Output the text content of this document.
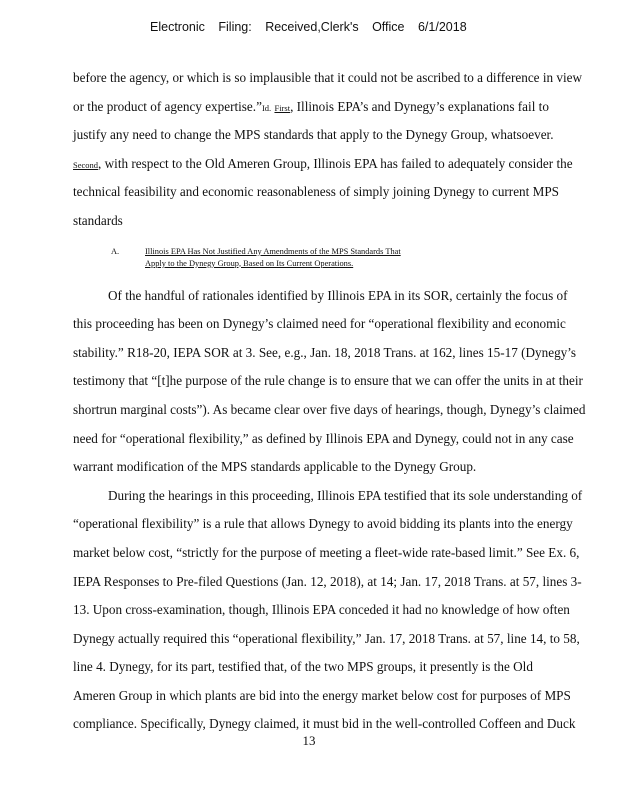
Electronic Filing: Received,Clerk's Office 6/1/2018
before the agency, or which is so implausible that it could not be ascribed to a difference in view
or the product of agency expertise.”Id. First, Illinois EPA’s and Dynegy’s explanations fail to
justify any need to change the MPS standards that apply to the Dynegy Group, whatsoever.
Second, with respect to the Old Ameren Group, Illinois EPA has failed to adequately consider the
technical feasibility and economic reasonableness of simply joining Dynegy to current MPS
standards
A.	Illinois EPA Has Not Justified Any Amendments of the MPS Standards That
Apply to the Dynegy Group, Based on Its Current Operations.
Of the handful of rationales identified by Illinois EPA in its SOR, certainly the focus of
this proceeding has been on Dynegy’s claimed need for “operational flexibility and economic
stability.” R18-20, IEPA SOR at 3. See, e.g., Jan. 18, 2018 Trans. at 162, lines 15-17 (Dynegy’s
testimony that “[t]he purpose of the rule change is to ensure that we can offer the units in at their
shortrun marginal costs”). As became clear over five days of hearings, though, Dynegy’s claimed
need for “operational flexibility,” as defined by Illinois EPA and Dynegy, could not in any case
warrant modification of the MPS standards applicable to the Dynegy Group.
During the hearings in this proceeding, Illinois EPA testified that its sole understanding of
“operational flexibility” is a rule that allows Dynegy to avoid bidding its plants into the energy
market below cost, “strictly for the purpose of meeting a fleet-wide rate-based limit.” See Ex. 6,
IEPA Responses to Pre-filed Questions (Jan. 12, 2018), at 14; Jan. 17, 2018 Trans. at 57, lines 3-
13. Upon cross-examination, though, Illinois EPA conceded it had no knowledge of how often
Dynegy actually required this “operational flexibility,” Jan. 17, 2018 Trans. at 57, line 14, to 58,
line 4. Dynegy, for its part, testified that, of the two MPS groups, it presently is the Old
Ameren Group in which plants are bid into the energy market below cost for purposes of MPS
compliance. Specifically, Dynegy claimed, it must bid in the well-controlled Coffeen and Duck
13
